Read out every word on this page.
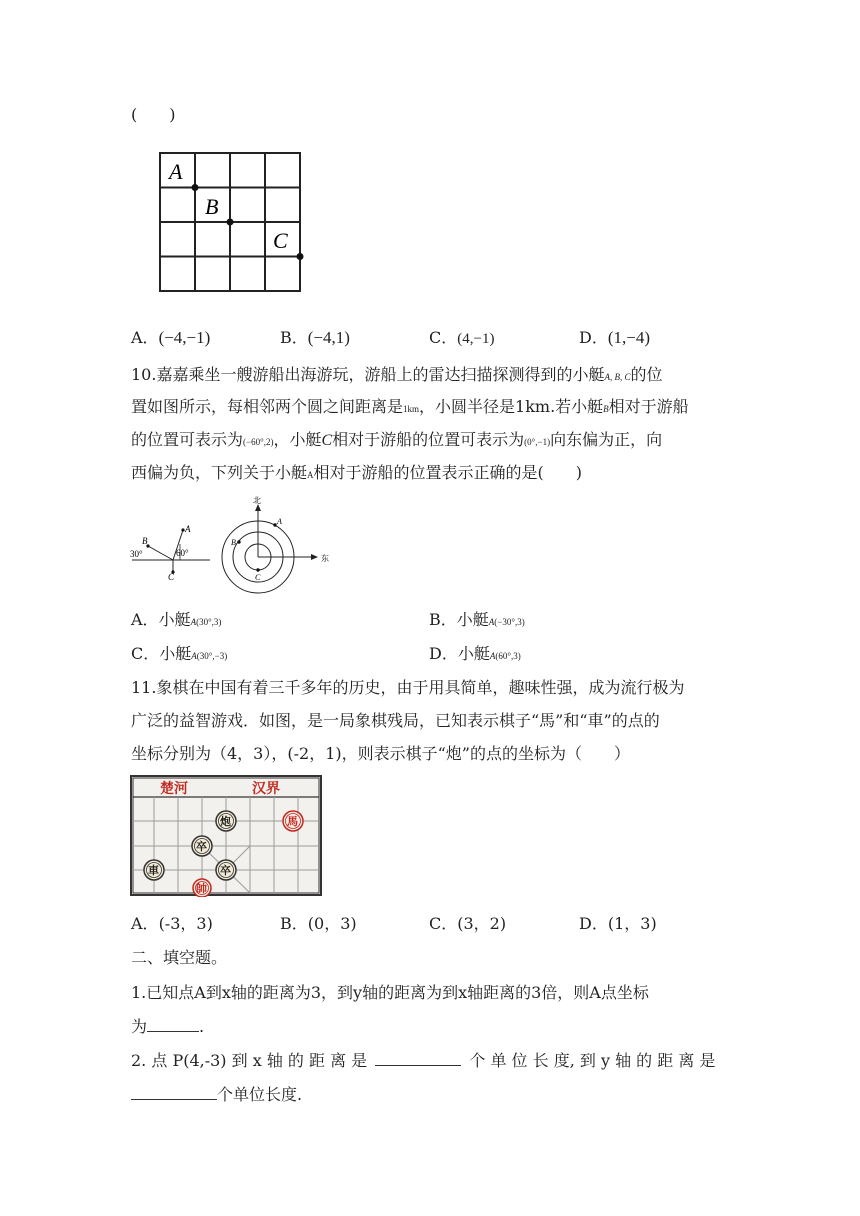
(　　)
A
B
C
A．(−4,−1)	B．(−4,1)	C．(4,−1)	D．(1,−4)
10.嘉嘉乘坐一艘游船出海游玩，游船上的雷达扫描探测得到的小艇A, B, C的位
置如图所示，每相邻两个圆之间距离是1km，小圆半径是1km.若小艇B相对于游船
的位置可表示为(−60°,2)，小艇C相对于游船的位置可表示为(0°,−1)向东偏为正，向
西偏为负，下列关于小艇A相对于游船的位置表示正确的是(　　)
B
A
C
30°	60°
北
东
A
B
C
A．小艇A(30°,3)	B．小艇A(−30°,3)
C．小艇A(30°,−3)	D．小艇A(60°,3)
11.象棋在中国有着三千多年的历史，由于用具简单，趣味性强，成为流行极为
广泛的益智游戏．如图，是一局象棋残局，已知表示棋子“馬”和“車”的点的
坐标分别为（4，3），(-2，1)，则表示棋子“炮”的点的坐标为（　　）
楚河	汉界
炮	馬
卒
車	卒
帥
A．(-3，3)	B．(0，3)	C．(3，2)	D．(1，3)
二、填空题。
1.已知点A到x轴的距离为3，到y轴的距离为到x轴距离的3倍，则A点坐标
为	.
2. 点 P(4,-3) 到 x 轴 的 距 离 是	个 单 位 长 度, 到 y 轴 的 距 离 是
个单位长度.
